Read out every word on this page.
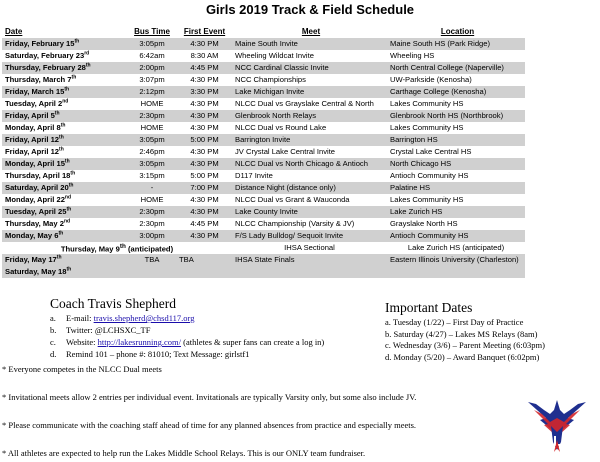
Girls 2019 Track & Field Schedule
Date	Bus Time	First Event	Meet	Location
Friday, February 15th	3:05pm	4:30 PM	Maine South Invite	Maine South HS (Park Ridge)
Saturday, February 23rd	6:42am	8:30 AM	Wheeling Wildcat Invite	Wheeling HS
Thursday, February 28th	2:00pm	4:45 PM	NCC Cardinal Classic Invite	North Central College (Naperville)
Thursday, March 7th	3:07pm	4:30 PM	NCC Championships	UW-Parkside (Kenosha)
Friday, March 15th	2:12pm	3:30 PM	Lake Michigan Invite	Carthage College (Kenosha)
Tuesday, April 2nd	HOME	4:30 PM	NLCC Dual vs Grayslake Central & North	Lakes Community HS
Friday, April 5th	2:30pm	4:30 PM	Glenbrook North Relays	Glenbrook North HS (Northbrook)
Monday, April 8th	HOME	4:30 PM	NLCC Dual vs Round Lake	Lakes Community HS
Friday, April 12th	3:05pm	5:00 PM	Barrington Invite	Barrington HS
Friday, April 12th	2:46pm	4:30 PM	JV Crystal Lake Central Invite	Crystal Lake Central HS
Monday, April 15th	3:05pm	4:30 PM	NLCC Dual vs North Chicago & Antioch	North Chicago HS
Thursday, April 18th	3:15pm	5:00 PM	D117 Invite	Antioch Community HS
Saturday, April 20th	-	7:00 PM	Distance Night (distance only)	Palatine HS
Monday, April 22nd	HOME	4:30 PM	NLCC Dual vs Grant & Wauconda	Lakes Community HS
Tuesday, April 25th	2:30pm	4:30 PM	Lake County Invite	Lake Zurich HS
Thursday, May 2nd	2:30pm	4:45 PM	NLCC Championship (Varsity & JV)	Grayslake North HS
Monday, May 6th	3:00pm	4:30 PM	F/S Lady Bulldog/ Sequoit Invite	Antioch Community HS
Thursday, May 9th (anticipated)			IHSA Sectional	Lake Zurich HS (anticipated)
Friday, May 17th	TBA	TBA	IHSA State Finals	Eastern Illinois University (Charleston)
Saturday, May 18th				
Coach Travis Shepherd
a. E-mail: travis.shepherd@chsd117.org
b. Twitter: @LCHSXC_TF
c. Website: http://lakesrunning.com/ (athletes & super fans can create a log in)
d. Remind 101 – phone #: 81010; Text Message: girlstf1
Important Dates
a. Tuesday (1/22) – First Day of Practice
b. Saturday (4/27) – Lakes MS Relays (8am)
c. Wednesday (3/6) – Parent Meeting (6:03pm)
d. Monday (5/20) – Award Banquet (6:02pm)
* Everyone competes in the NLCC Dual meets
* Invitational meets allow 2 entries per individual event. Invitationals are typically Varsity only, but some also include JV.
* Please communicate with the coaching staff ahead of time for any planned absences from practice and especially meets.
* All athletes are expected to help run the Lakes Middle School Relays. This is our ONLY team fundraiser.
